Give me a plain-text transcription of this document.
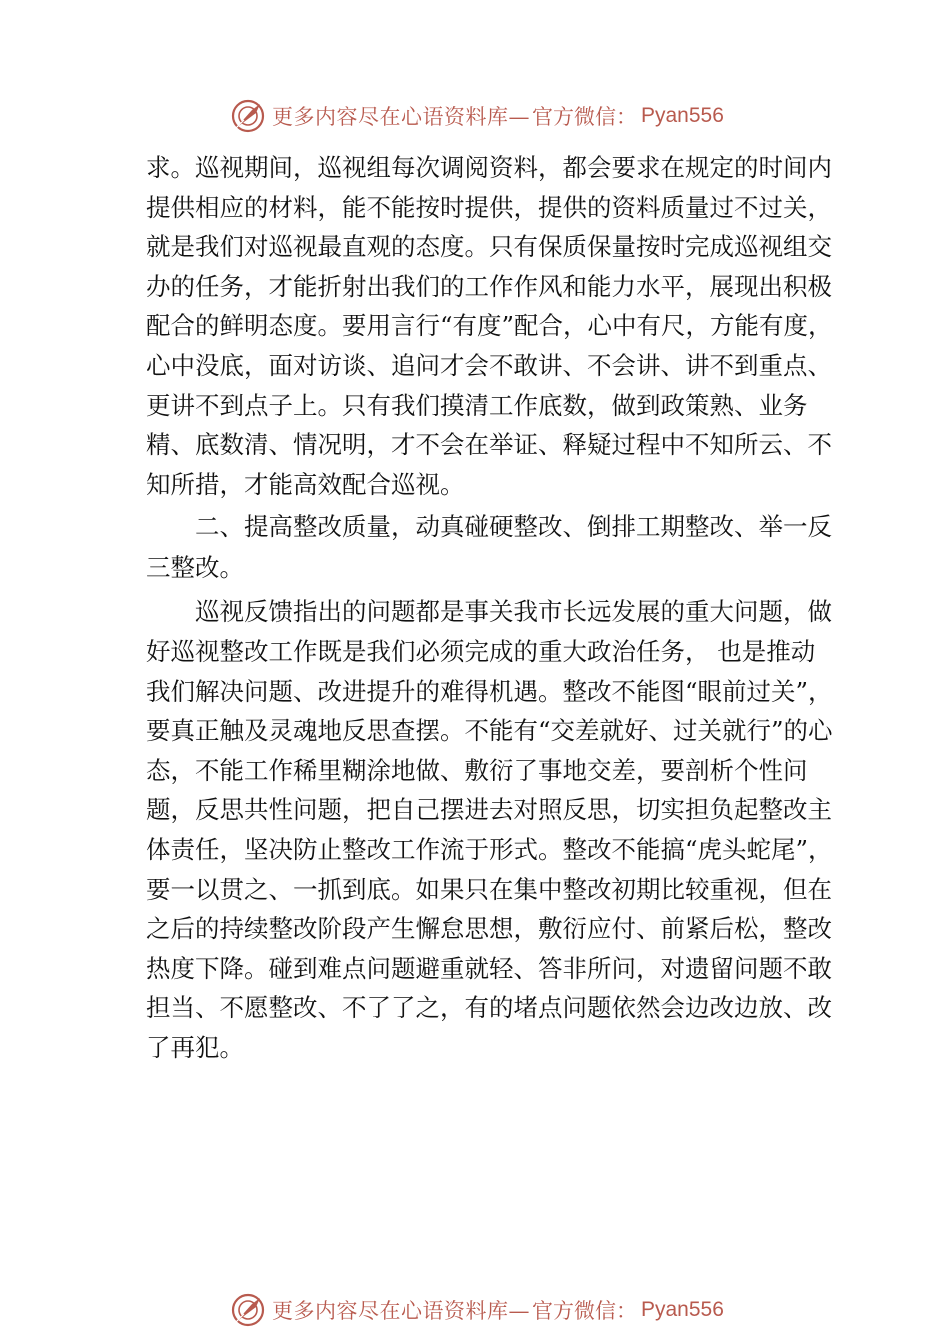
更多内容尽在心语资料库— 官方微信： Pyan556

求。巡视期间，巡视组每次调阅资料，都会要求在规定的时间内提供相应的材料，能不能按时提供，提供的资料质量过不过关，就是我们对巡视最直观的态度。只有保质保量按时完成巡视组交办的任务，才能折射出我们的工作作风和能力水平，展现出积极配合的鲜明态度。要用言行“有度”配合，心中有尺，方能有度，心中没底，面对访谈、追问才会不敢讲、不会讲、讲不到重点、更讲不到点子上。只有我们摸清工作底数，做到政策熟、业务精、底数清、情况明，才不会在举证、释疑过程中不知所云、不知所措，才能高效配合巡视。

二、提高整改质量，动真碰硬整改、倒排工期整改、举一反三整改。

巡视反馈指出的问题都是事关我市长远发展的重大问题，做好巡视整改工作既是我们必须完成的重大政治任务， 也是推动我们解决问题、改进提升的难得机遇。整改不能图“眼前过关”，要真正触及灵魂地反思查摆。不能有“交差就好、过关就行”的心态，不能工作稀里糊涂地做、敷衍了事地交差，要剖析个性问题，反思共性问题，把自己摆进去对照反思，切实担负起整改主体责任，坚决防止整改工作流于形式。整改不能搞“虎头蛇尾”，要一以贯之、一抓到底。如果只在集中整改初期比较重视，但在之后的持续整改阶段产生懈怠思想，敷衍应付、前紧后松，整改热度下降。碰到难点问题避重就轻、答非所问，对遗留问题不敢担当、不愿整改、不了了之，有的堵点问题依然会边改边放、改了再犯。

更多内容尽在心语资料库— 官方微信： Pyan556
